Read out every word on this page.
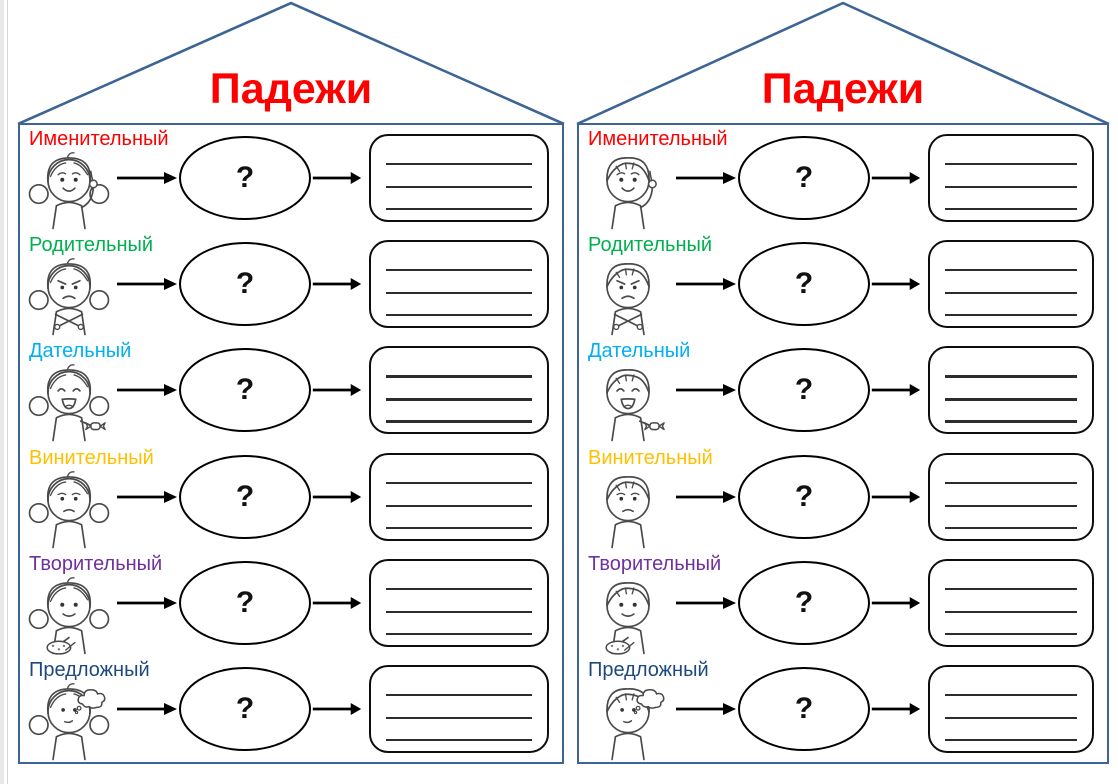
Падежи
Именительный
?
Родительный
?
Дательный
?
Винительный
?
Творительный
?
Предложный
?
Падежи
Именительный
?
Родительный
?
Дательный
?
Винительный
?
Творительный
?
Предложный
?
